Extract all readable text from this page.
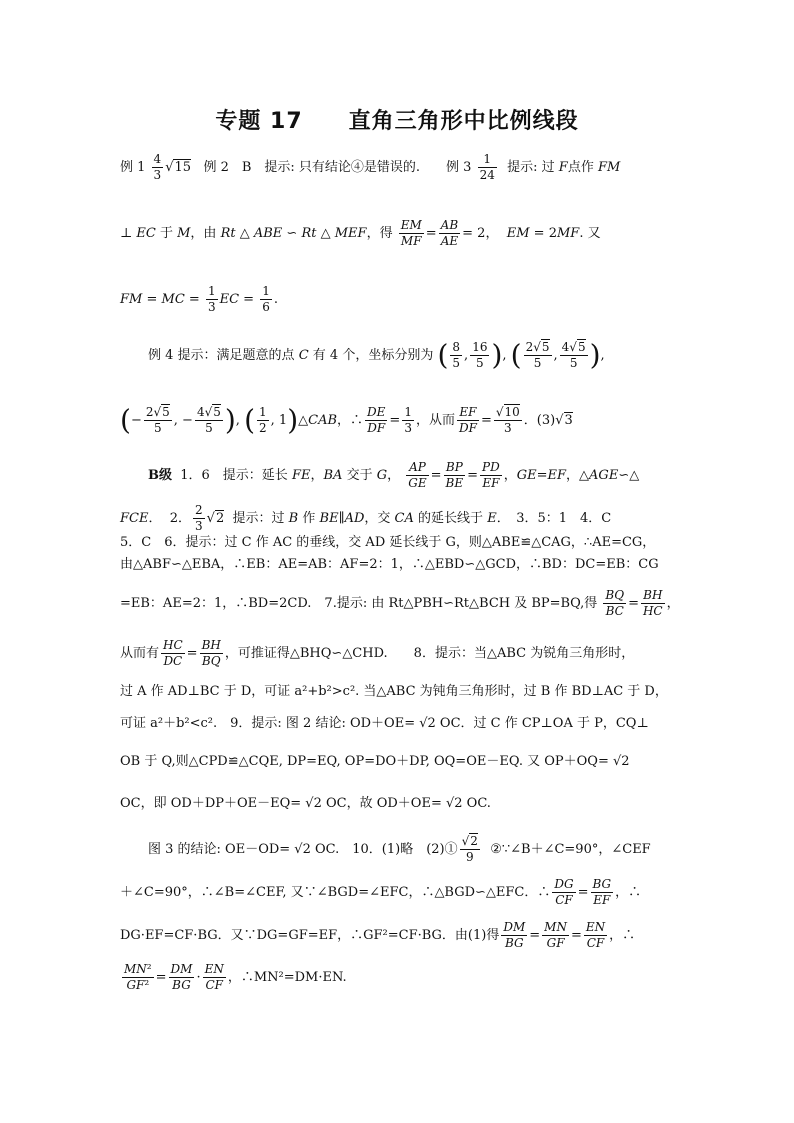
专题 17　　直角三角形中比例线段
例 $1 \frac{4}{3} √15$ 例 2　B　提示: 只有结论④是错误的.　　例 $3 \frac{1}{24}$ 提示: 过 F点作 FM
⊥ EC 于 M，由 Rt △ ABE ∽ Rt △ MEF，得 $\frac{EM}{MF} = \frac{AB}{AE} = 2$， EM = 2MF. 又
FM = MC = $\frac{1}{3}$ EC = $\frac{1}{6}$ .
例 4 提示：满足题意的点 C 有 4 个，坐标分别为 ( $\frac{8}{5}$ , $\frac{16}{5}$ ), ( $\frac{2√5}{5}$ , $\frac{4√5}{5}$ ),
(− $\frac{2√5}{5}$ , − $\frac{4√5}{5}$ ), ( $\frac{1}{2}$ , 1)△CAB，∴ $\frac{DE}{DF} = \frac{1}{3}$ ，从而 $\frac{EF}{DF} = \frac{√10}{3}$ ．(3)√3
B级 1．6　提示：延长 FE，BA 交于 G， $\frac{AP}{GE} = \frac{BP}{BE} = \frac{PD}{EF}$ ，GE=EF，△AGE∽△
FCE．  2． $\frac{2}{3} √2$ 提示：过 B 作 BE∥AD，交 CA 的延长线于 E．　3．5：1　4．C
5．C　6．提示：过 C 作 AC 的垂线，交 AD 延长线于 G，则△ABE≌△CAG，∴AE=CG，
由△ABF∽△EBA，∴EB：AE=AB：AF=2：1，∴△EBD∽△GCD，∴BD：DC=EB：CG
=EB：AE=2：1，∴BD=2CD.　7.提示: 由 Rt△PBH∽Rt△BCH 及 BP=BQ,得 $\frac{BQ}{BC} = \frac{BH}{HC}$ ，
从而有 $\frac{HC}{DC} = \frac{BH}{BQ}$ ，可推证得△BHQ∽△CHD.　　8．提示：当△ABC 为锐角三角形时，
过 A 作 AD⊥BC 于 D，可证 a²+b²>c². 当△ABC 为钝角三角形时，过 B 作 BD⊥AC 于 D，
可证 a²＋b²<c².　9．提示: 图 2 结论: OD＋OE= √2 OC．过 C 作 CP⊥OA 于 P，CQ⊥
OB 于 Q,则△CPD≌△CQE, DP=EQ, OP=DO＋DP, OQ=OE－EQ. 又 OP＋OQ= √2
OC，即 OD＋DP＋OE－EQ= √2 OC，故 OD＋OE= √2 OC.
图 3 的结论: OE－OD= √2 OC.　10．(1)略　(2)① $\frac{√2}{9}$ ②∵∠B＋∠C=90°，∠CEF
＋∠C=90°，∴∠B=∠CEF, 又∵∠BGD=∠EFC，∴△BGD∽△EFC．∴ $\frac{DG}{CF} = \frac{BG}{EF}$ ，∴
DG·EF=CF·BG．又∵DG=GF=EF，∴GF²=CF·BG．由(1)得 $\frac{DM}{BG} = \frac{MN}{GF} = \frac{EN}{CF}$ ，∴
$\frac{\text{MN²}}{\text{GF²}} = \frac{DM}{BG} \cdot \frac{EN}{CF}$ ，∴MN²=DM·EN.
